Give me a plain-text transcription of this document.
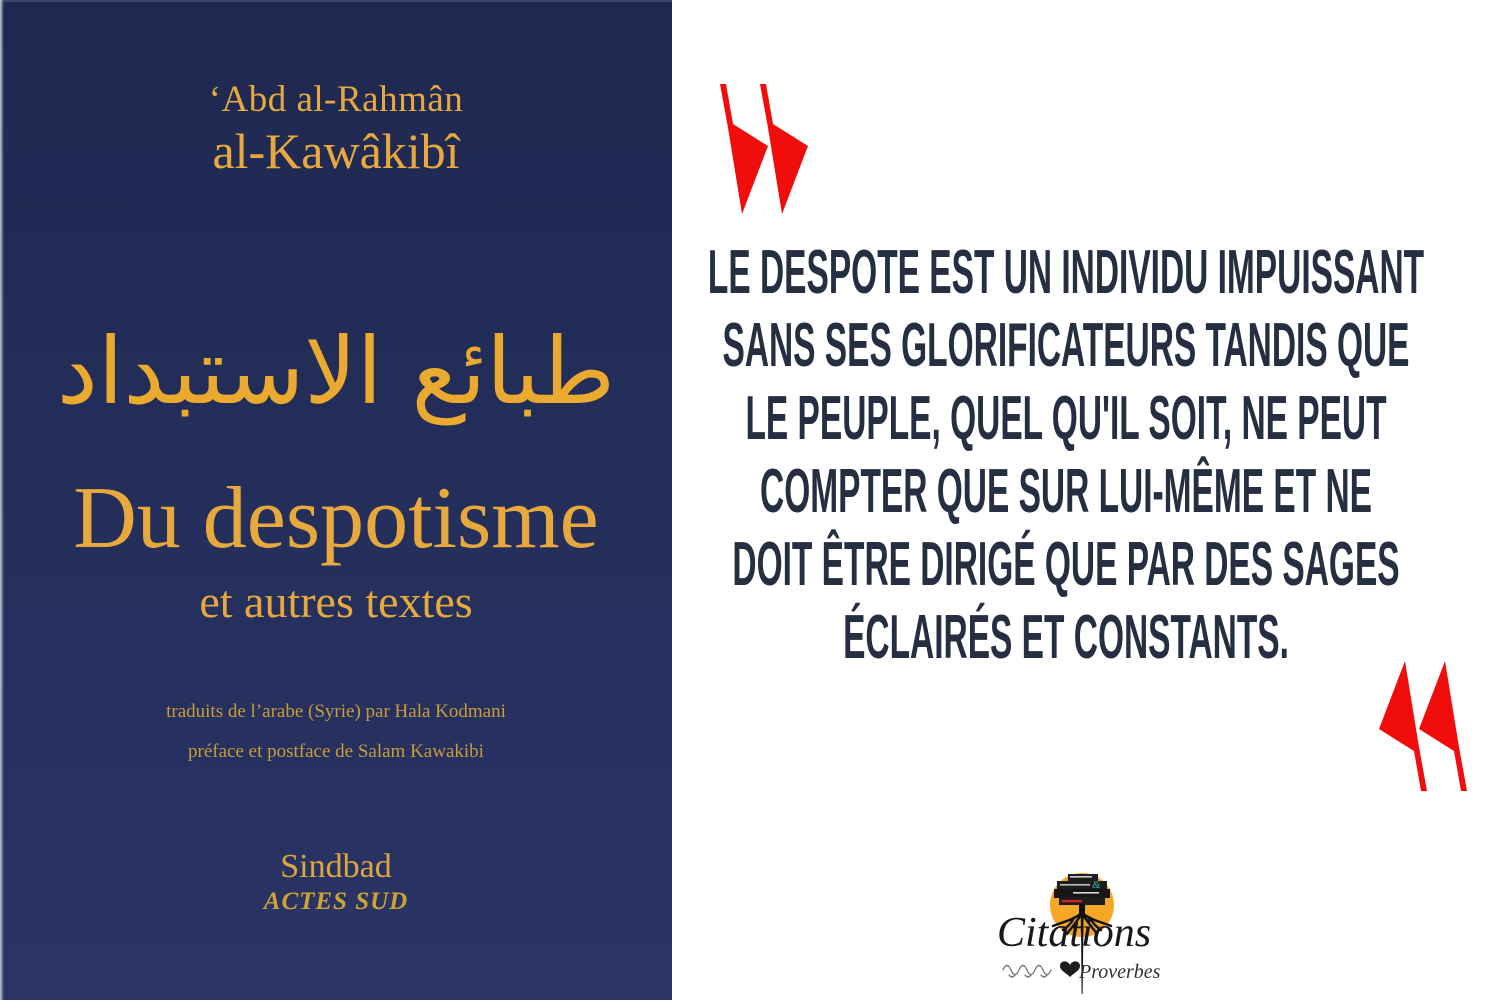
‘Abd al-Rahmân
al-Kawâkibî
طبائع الاستبداد
Du despotisme
et autres textes
traduits de l’arabe (Syrie) par Hala Kodmani
préface et postface de Salam Kawakibi
Sindbad
ACTES SUD
LE DESPOTE EST UN INDIVIDU IMPUISSANT
SANS SES GLORIFICATEURS TANDIS QUE
LE PEUPLE, QUEL QU'IL SOIT, NE PEUT
COMPTER QUE SUR LUI-MÊME ET NE
DOIT ÊTRE DIRIGÉ QUE PAR DES SAGES
ÉCLAIRÉS ET CONSTANTS.
&
Citations
Proverbes
